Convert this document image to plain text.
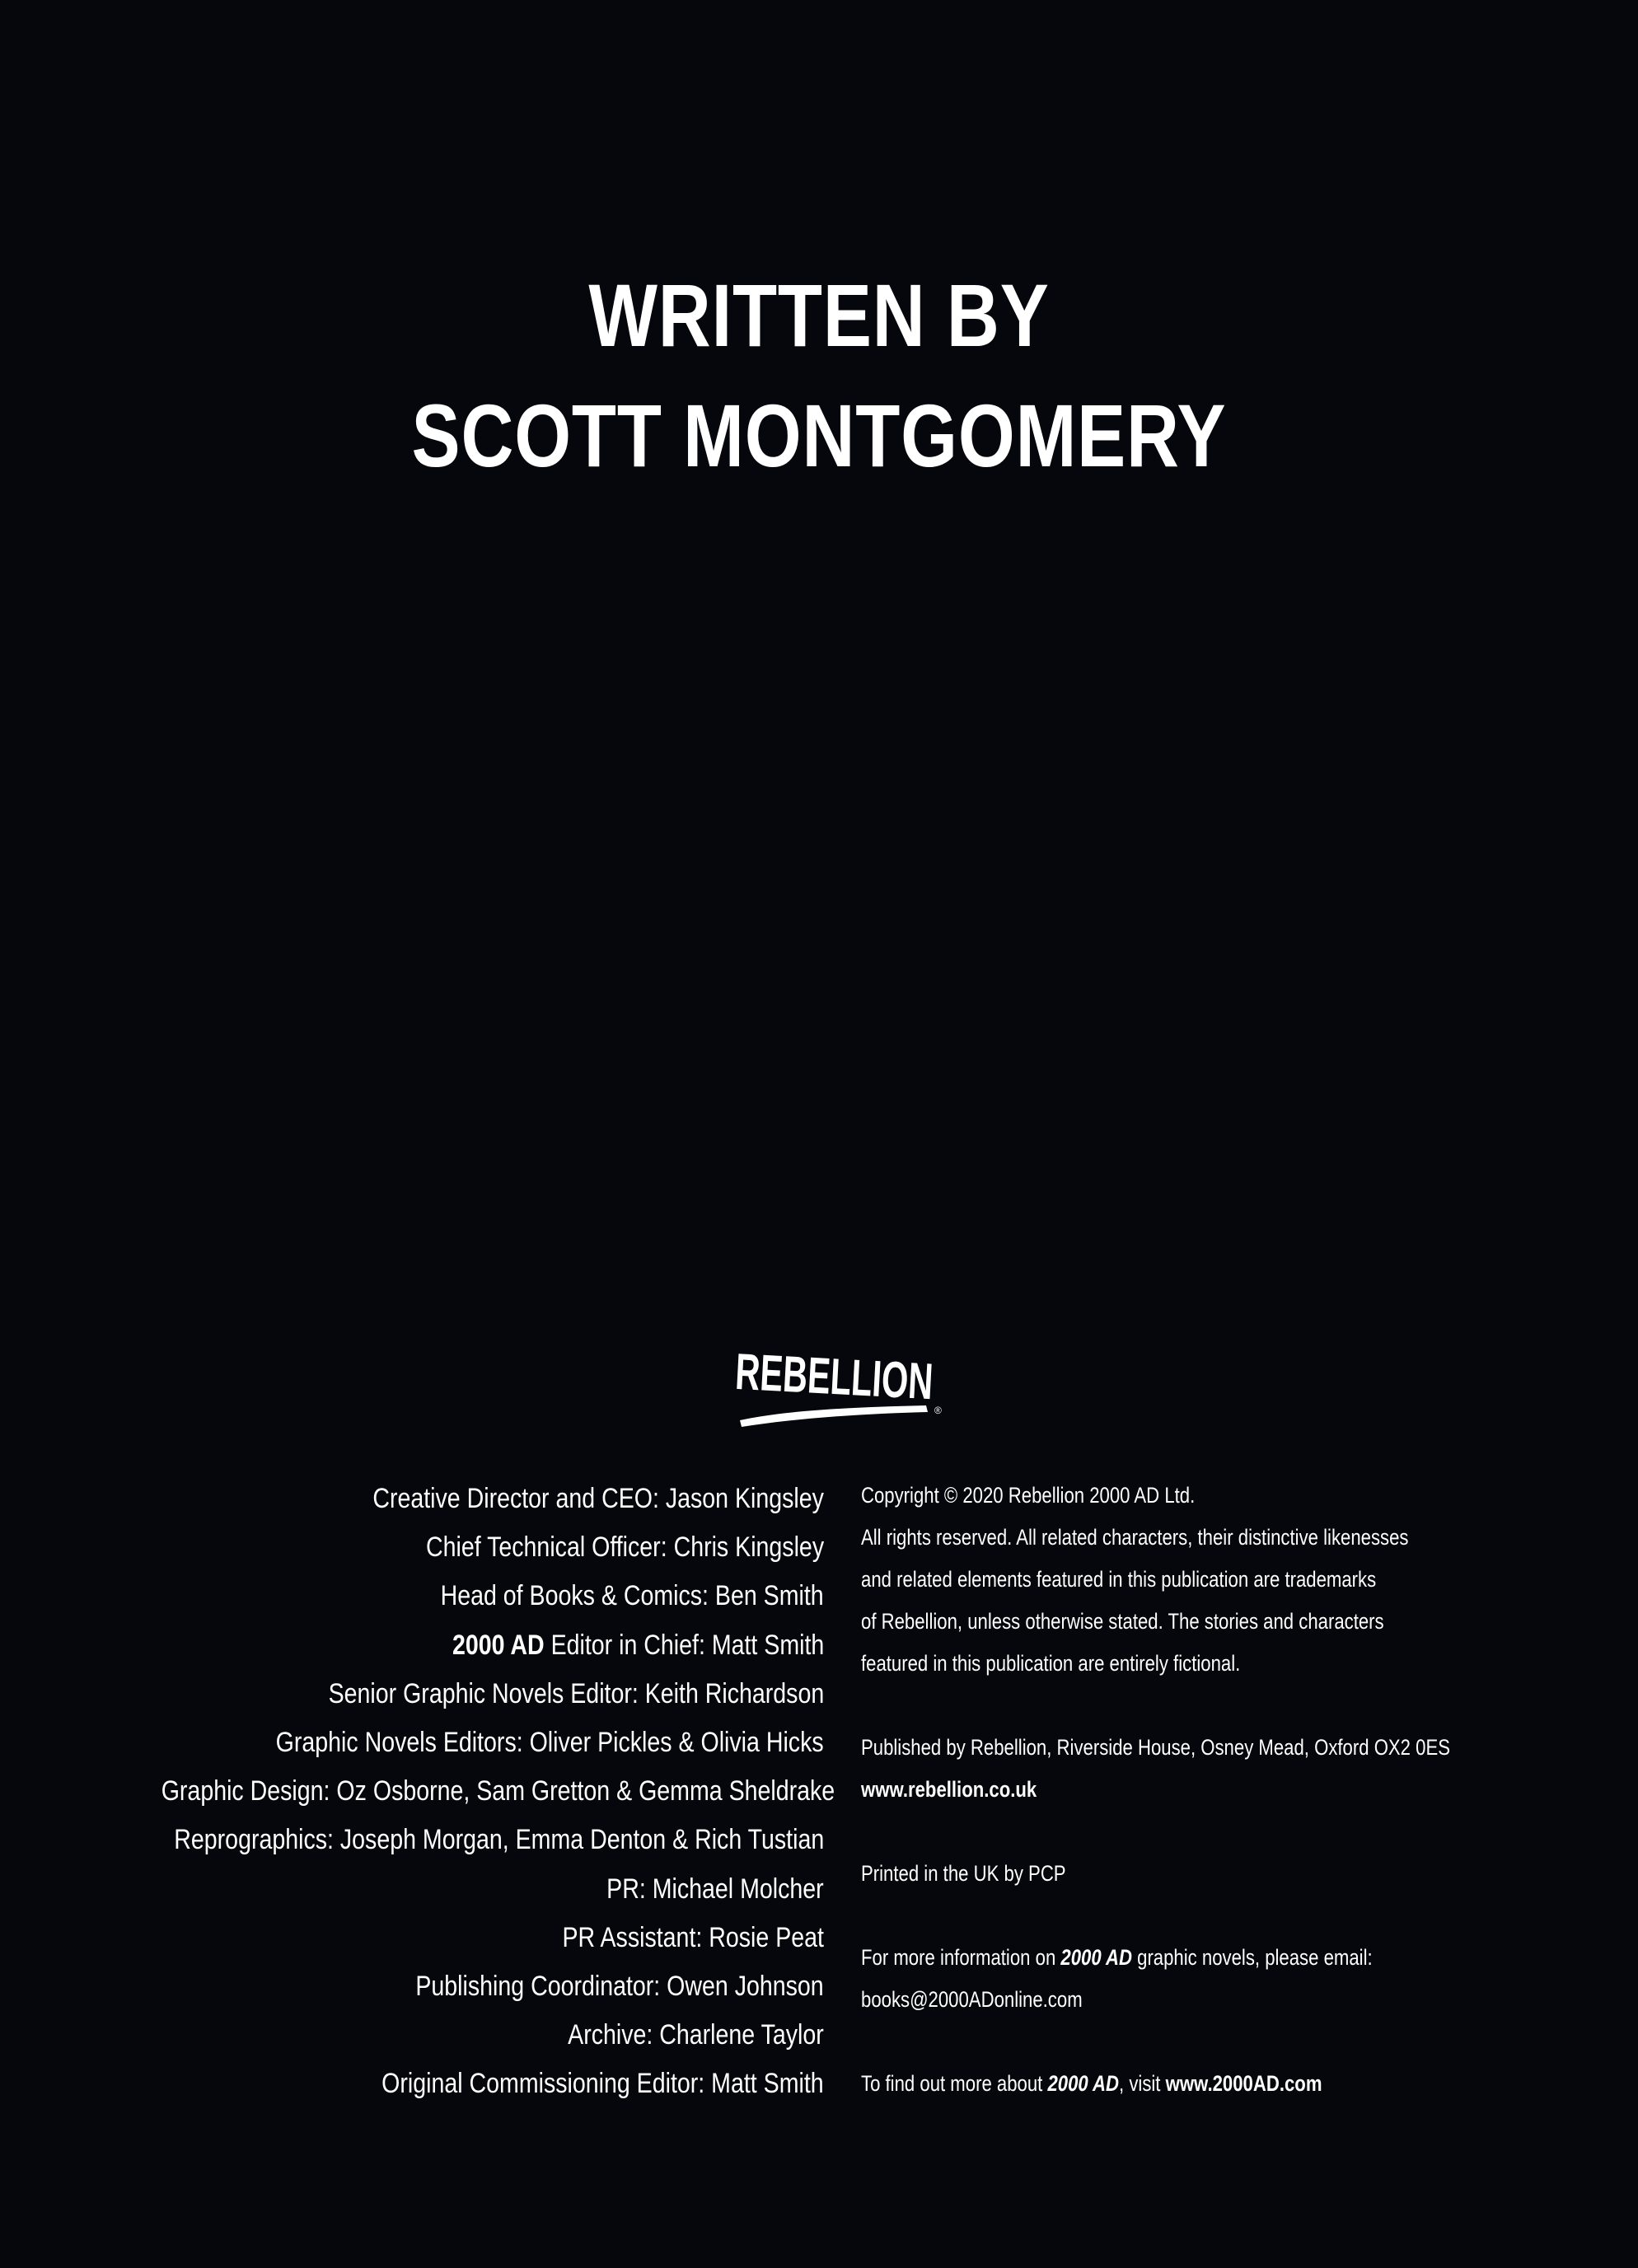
WRITTEN BY
SCOTT MONTGOMERY
REBELLION
®
Creative Director and CEO: Jason Kingsley
Chief Technical Officer: Chris Kingsley
Head of Books & Comics: Ben Smith
2000 AD Editor in Chief: Matt Smith
Senior Graphic Novels Editor: Keith Richardson
Graphic Novels Editors: Oliver Pickles & Olivia Hicks
Graphic Design: Oz Osborne, Sam Gretton & Gemma Sheldrake
Reprographics: Joseph Morgan, Emma Denton & Rich Tustian
PR: Michael Molcher
PR Assistant: Rosie Peat
Publishing Coordinator: Owen Johnson
Archive: Charlene Taylor
Original Commissioning Editor: Matt Smith
Copyright © 2020 Rebellion 2000 AD Ltd.
All rights reserved. All related characters, their distinctive likenesses
and related elements featured in this publication are trademarks
of Rebellion, unless otherwise stated. The stories and characters
featured in this publication are entirely fictional.
Published by Rebellion, Riverside House, Osney Mead, Oxford OX2 0ES
www.rebellion.co.uk
Printed in the UK by PCP
For more information on 2000 AD graphic novels, please email:
books@2000ADonline.com
To find out more about 2000 AD, visit www.2000AD.com
